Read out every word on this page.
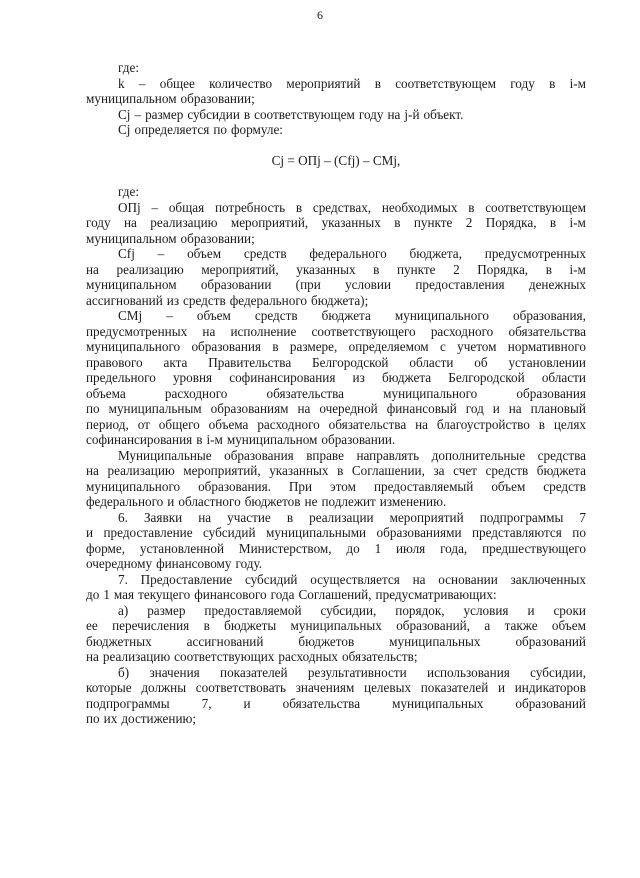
6
где:
k – общее количество мероприятий в соответствующем году в i-м
муниципальном образовании;
Cj – размер субсидии в соответствующем году на j-й объект.
Cj определяется по формуле:
Cj = ОПj – (Cfj) – CMj,
где:
ОПj – общая потребность в средствах, необходимых в соответствующем
году на реализацию мероприятий, указанных в пункте 2 Порядка, в i-м
муниципальном образовании;
Cfj – объем средств федерального бюджета, предусмотренных
на реализацию мероприятий, указанных в пункте 2 Порядка, в i-м
муниципальном образовании (при условии предоставления денежных
ассигнований из средств федерального бюджета);
CMj – объем средств бюджета муниципального образования,
предусмотренных на исполнение соответствующего расходного обязательства
муниципального образования в размере, определяемом с учетом нормативного
правового акта Правительства Белгородской области об установлении
предельного уровня софинансирования из бюджета Белгородской области
объема	расходного	обязательства	муниципального	образования
по муниципальным образованиям на очередной финансовый год и на плановый
период, от общего объема расходного обязательства на благоустройство в целях
софинансирования в i-м муниципальном образовании.
Муниципальные образования вправе направлять дополнительные средства
на реализацию мероприятий, указанных в Соглашении, за счет средств бюджета
муниципального образования. При этом предоставляемый объем средств
федерального и областного бюджетов не подлежит изменению.
6. Заявки на участие в реализации мероприятий подпрограммы 7
и предоставление субсидий муниципальными образованиями представляются по
форме, установленной Министерством, до 1 июля года, предшествующего
очередному финансовому году.
7. Предоставление субсидий осуществляется на основании заключенных
до 1 мая текущего финансового года Соглашений, предусматривающих:
а) размер предоставляемой субсидии, порядок, условия и сроки
ее перечисления в бюджеты муниципальных образований, а также объем
бюджетных	ассигнований	бюджетов	муниципальных	образований
на реализацию соответствующих расходных обязательств;
б) значения показателей результативности использования субсидии,
которые должны соответствовать значениям целевых показателей и индикаторов
подпрограммы 7, и обязательства муниципальных образований
по их достижению;
